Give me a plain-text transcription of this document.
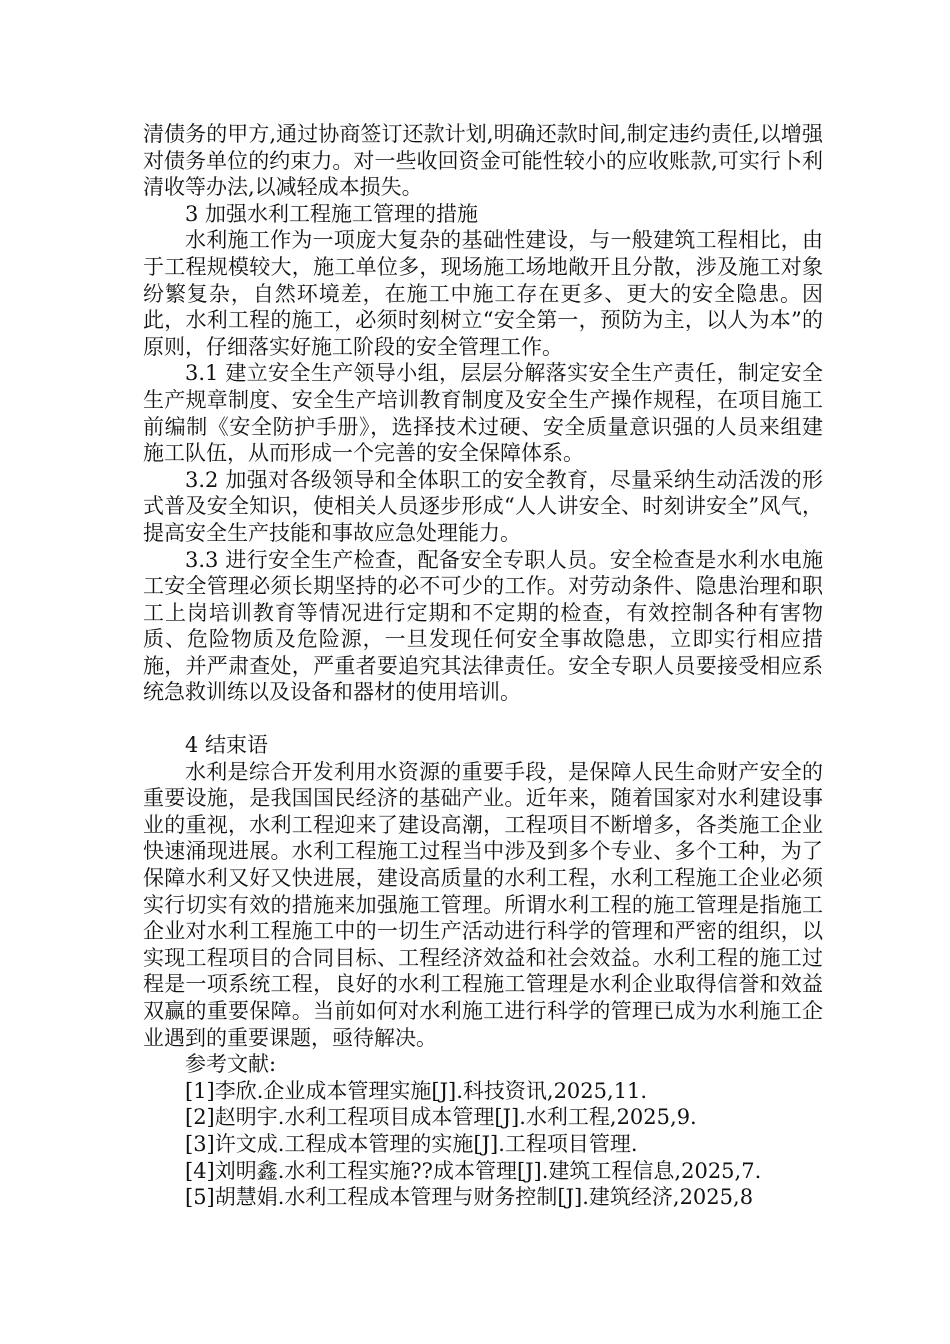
清债务的甲方,通过协商签订还款计划,明确还款时间,制定违约责任,以增强对债务单位的约束力。对一些收回资金可能性较小的应收账款,可实行卜利清收等办法,以减轻成本损失。

3 加强水利工程施工管理的措施

水利施工作为一项庞大复杂的基础性建设，与一般建筑工程相比，由于工程规模较大，施工单位多，现场施工场地敞开且分散，涉及施工对象纷繁复杂，自然环境差，在施工中施工存在更多、更大的安全隐患。因此，水利工程的施工，必须时刻树立“安全第一，预防为主，以人为本”的原则，仔细落实好施工阶段的安全管理工作。

3.1 建立安全生产领导小组，层层分解落实安全生产责任，制定安全生产规章制度、安全生产培训教育制度及安全生产操作规程，在项目施工前编制《安全防护手册》，选择技术过硬、安全质量意识强的人员来组建施工队伍，从而形成一个完善的安全保障体系。

3.2 加强对各级领导和全体职工的安全教育，尽量采纳生动活泼的形式普及安全知识，使相关人员逐步形成“人人讲安全、时刻讲安全”风气，提高安全生产技能和事故应急处理能力。

3.3 进行安全生产检查，配备安全专职人员。安全检查是水利水电施工安全管理必须长期坚持的必不可少的工作。对劳动条件、隐患治理和职工上岗培训教育等情况进行定期和不定期的检查，有效控制各种有害物质、危险物质及危险源，一旦发现任何安全事故隐患，立即实行相应措施，并严肃查处，严重者要追究其法律责任。安全专职人员要接受相应系统急救训练以及设备和器材的使用培训。

4 结束语

水利是综合开发利用水资源的重要手段，是保障人民生命财产安全的重要设施，是我国国民经济的基础产业。近年来，随着国家对水利建设事业的重视，水利工程迎来了建设高潮，工程项目不断增多，各类施工企业快速涌现进展。水利工程施工过程当中涉及到多个专业、多个工种，为了保障水利又好又快进展，建设高质量的水利工程，水利工程施工企业必须实行切实有效的措施来加强施工管理。所谓水利工程的施工管理是指施工企业对水利工程施工中的一切生产活动进行科学的管理和严密的组织，以实现工程项目的合同目标、工程经济效益和社会效益。水利工程的施工过程是一项系统工程，良好的水利工程施工管理是水利企业取得信誉和效益双赢的重要保障。当前如何对水利施工进行科学的管理已成为水利施工企业遇到的重要课题，亟待解决。

参考文献:

[1]李欣.企业成本管理实施[J].科技资讯,2025,11.

[2]赵明宇.水利工程项目成本管理[J].水利工程,2025,9.

[3]许文成.工程成本管理的实施[J].工程项目管理.

[4]刘明鑫.水利工程实施??成本管理[J].建筑工程信息,2025,7.

[5]胡慧娟.水利工程成本管理与财务控制[J].建筑经济,2025,8
